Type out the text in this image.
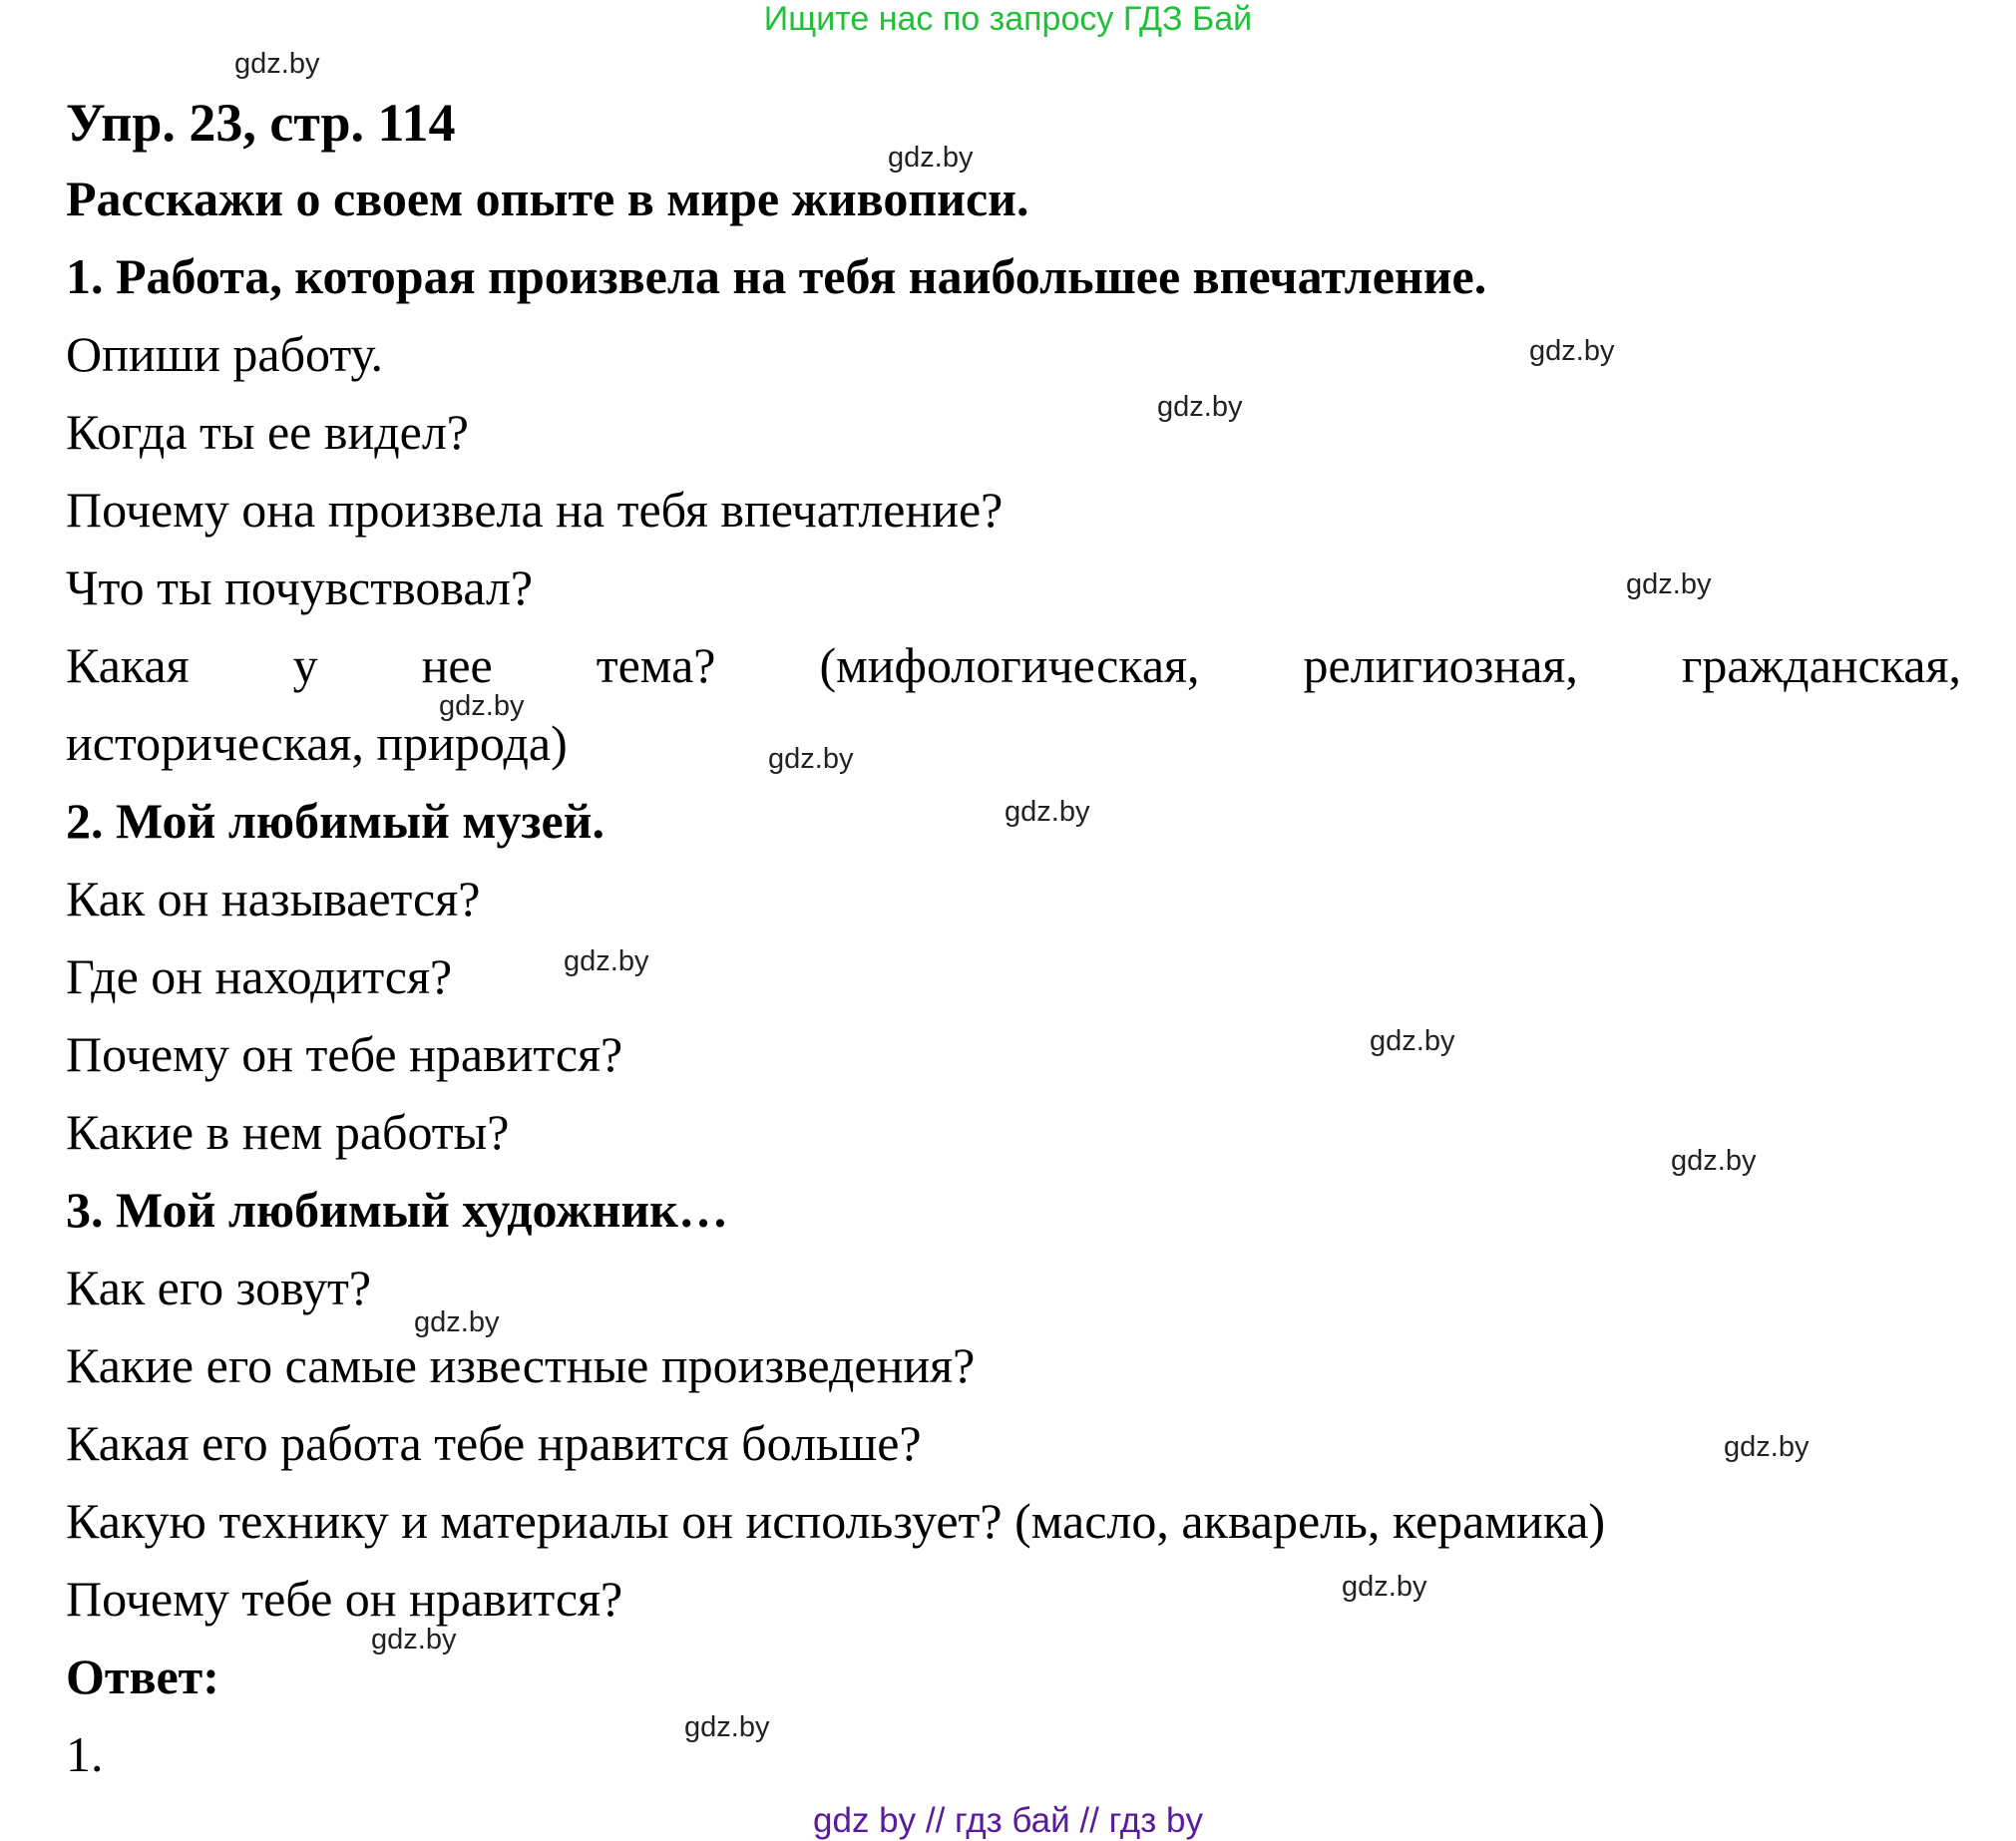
Ищите нас по запросу ГДЗ Бай
Упр. 23, стр. 114
Расскажи о своем опыте в мире живописи.
1. Работа, которая произвела на тебя наибольшее впечатление.
Опиши работу.
Когда ты ее видел?
Почему она произвела на тебя впечатление?
Что ты почувствовал?
Какая у нее тема? (мифологическая, религиозная, гражданская,
историческая, природа)
2. Мой любимый музей.
Как он называется?
Где он находится?
Почему он тебе нравится?
Какие в нем работы?
3. Мой любимый художник…
Как его зовут?
Какие его самые известные произведения?
Какая его работа тебе нравится больше?
Какую технику и материалы он использует? (масло, акварель, керамика)
Почему тебе он нравится?
Ответ:
1.
gdz.by
gdz.by
gdz.by
gdz.by
gdz.by
gdz.by
gdz.by
gdz.by
gdz.by
gdz.by
gdz.by
gdz.by
gdz.by
gdz.by
gdz.by
gdz.by
gdz by // гдз бай // гдз by
